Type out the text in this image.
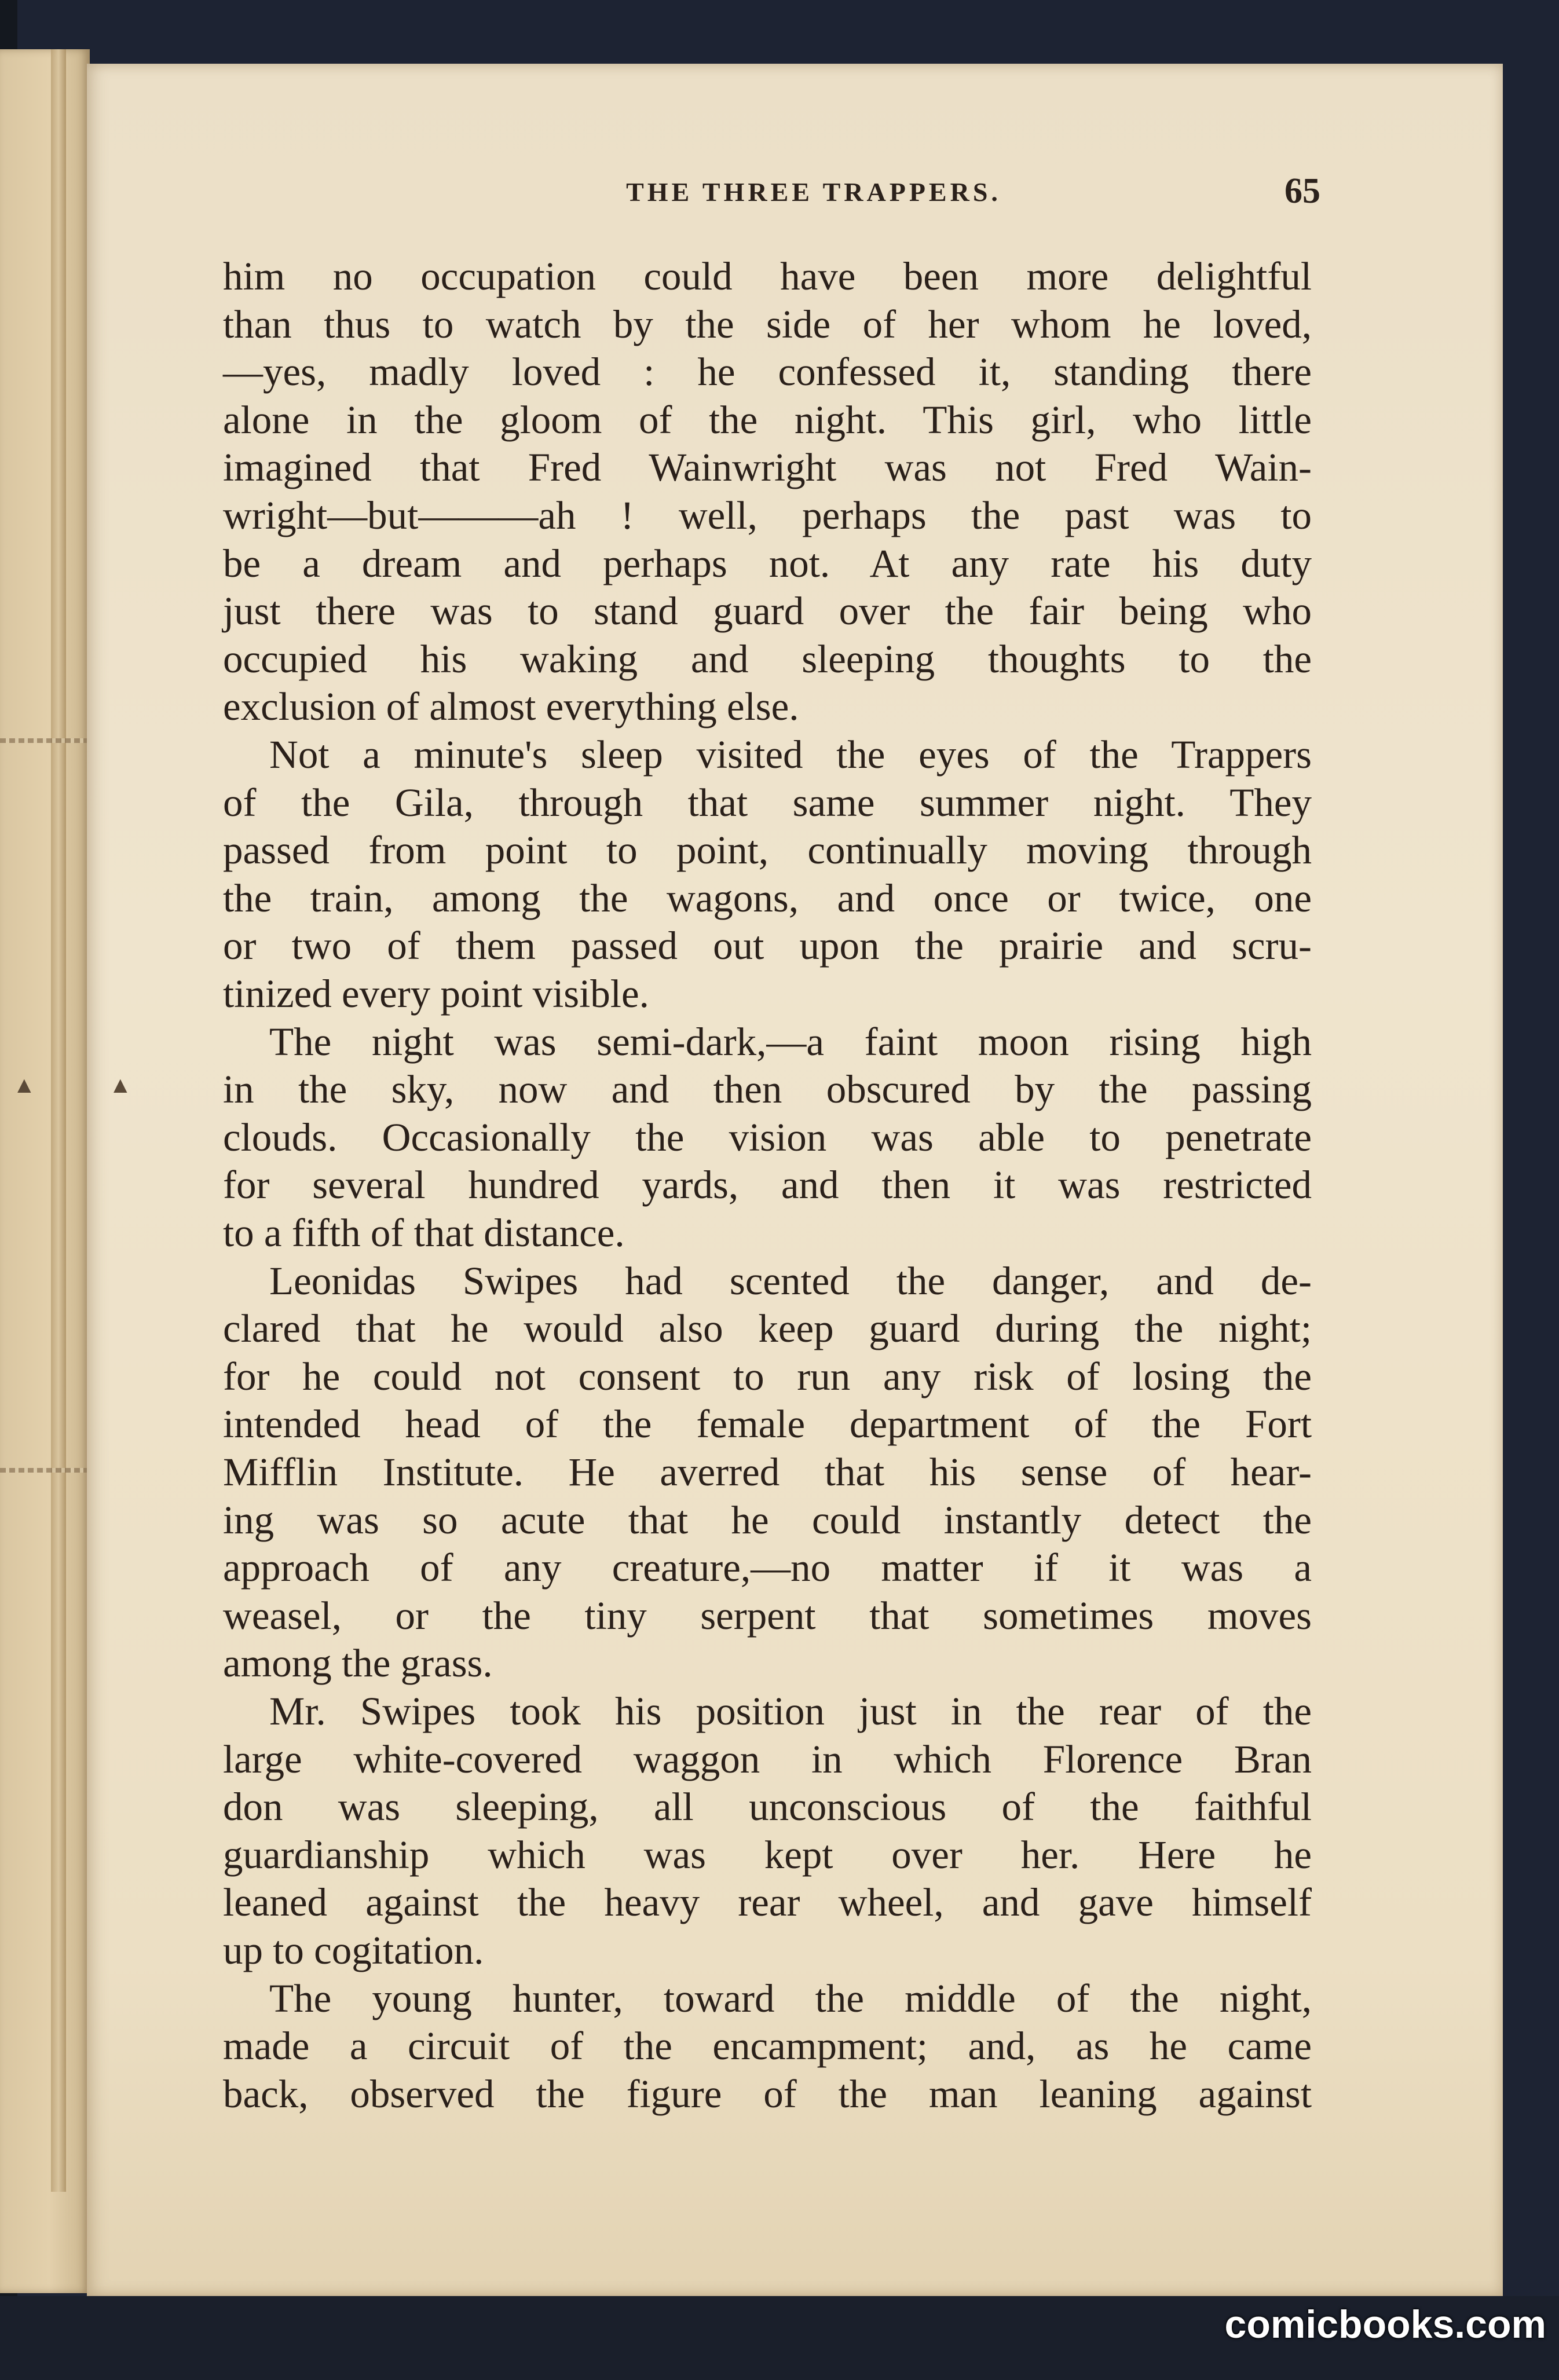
THE THREE TRAPPERS.	65
him no occupation could have been more delightful
than thus to watch by the side of her whom he loved,
—yes, madly loved : he confessed it, standing there
alone in the gloom of the night. This girl, who little
imagined that Fred Wainwright was not Fred Wain-
wright—but———ah ! well, perhaps the past was to
be a dream and perhaps not. At any rate his duty
just there was to stand guard over the fair being who
occupied his waking and sleeping thoughts to the
exclusion of almost everything else.
Not a minute's sleep visited the eyes of the Trappers
of the Gila, through that same summer night. They
passed from point to point, continually moving through
the train, among the wagons, and once or twice, one
or two of them passed out upon the prairie and scru-
tinized every point visible.
The night was semi-dark,—a faint moon rising high
in the sky, now and then obscured by the passing
clouds. Occasionally the vision was able to penetrate
for several hundred yards, and then it was restricted
to a fifth of that distance.
Leonidas Swipes had scented the danger, and de-
clared that he would also keep guard during the night;
for he could not consent to run any risk of losing the
intended head of the female department of the Fort
Mifflin Institute. He averred that his sense of hear-
ing was so acute that he could instantly detect the
approach of any creature,—no matter if it was a
weasel, or the tiny serpent that sometimes moves
among the grass.
Mr. Swipes took his position just in the rear of the
large white-covered waggon in which Florence Bran
don was sleeping, all unconscious of the faithful
guardianship which was kept over her. Here he
leaned against the heavy rear wheel, and gave himself
up to cogitation.
The young hunter, toward the middle of the night,
made a circuit of the encampment; and, as he came
back, observed the figure of the man leaning against
▲	▲
comicbooks.com
